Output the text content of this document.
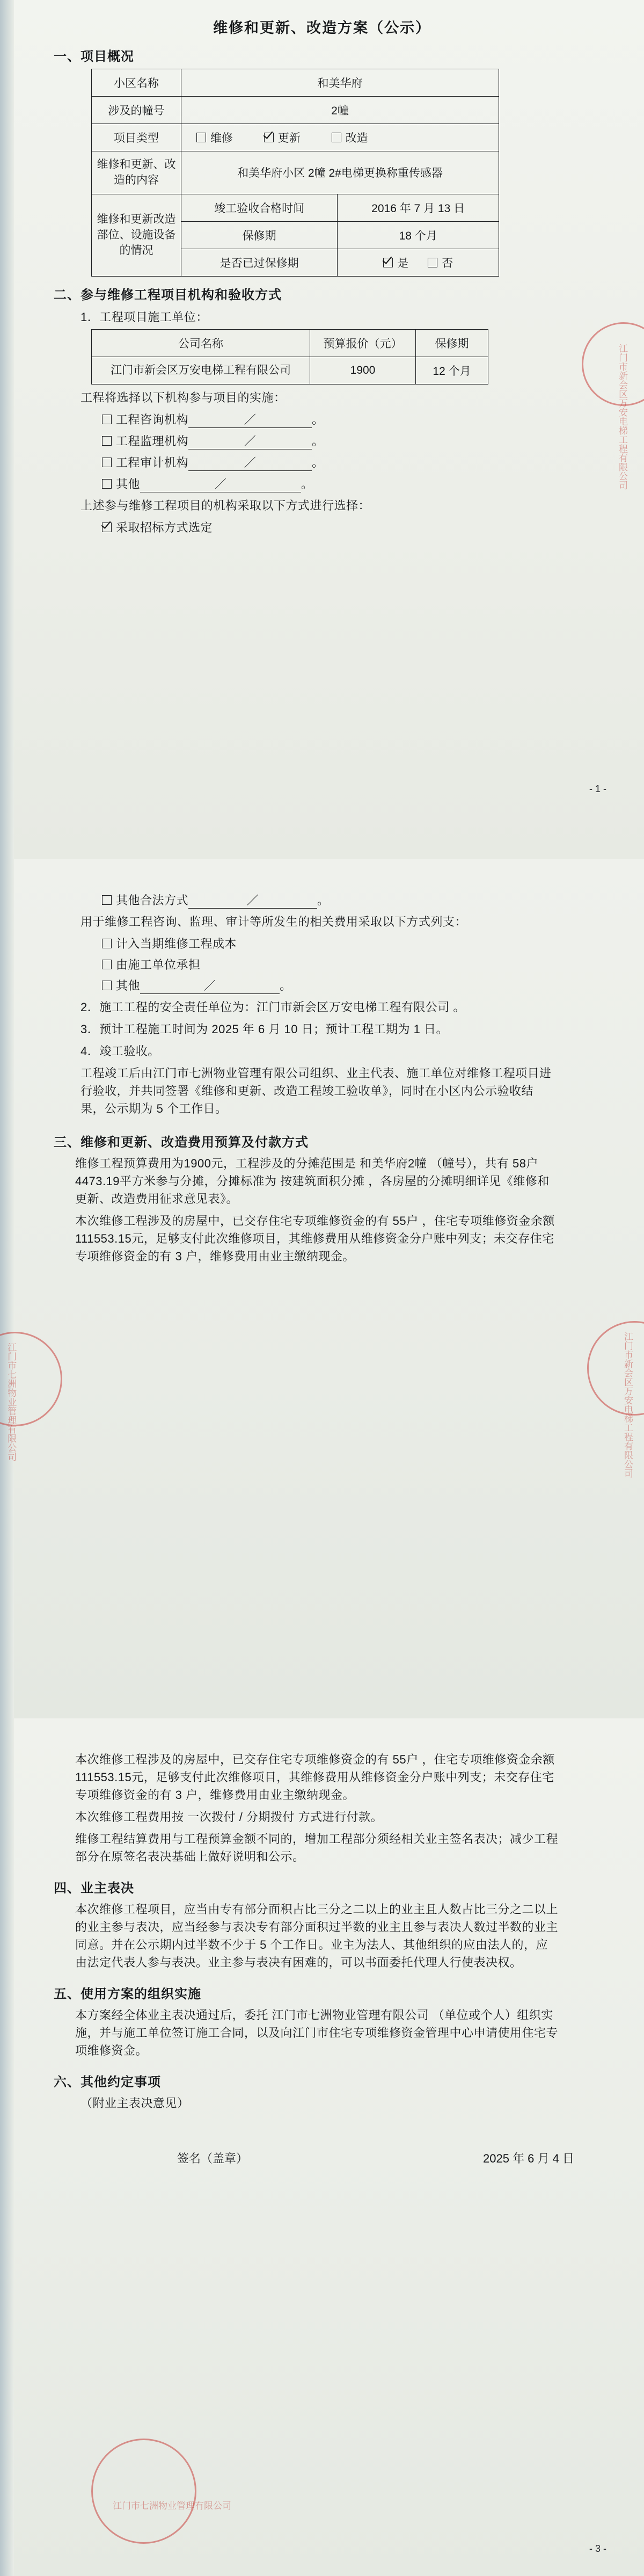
维修和更新、改造方案（公示）
一、项目概况
小区名称	和美华府	
涉及的幢号	2幢	
项目类型	维修 更新 改造	
维修和更新、改造的内容	和美华府小区 2幢 2#电梯更换称重传感器	
维修和更新改造部位、设施设备的情况	竣工验收合格时间	2016 年 7 月 13 日
	保修期	18 个月
	是否已过保修期	是 否
二、参与维修工程项目机构和验收方式
1．工程项目施工单位：
公司名称	预算报价（元）	保修期
江门市新会区万安电梯工程有限公司	1900	12 个月
工程将选择以下机构参与项目的实施：
工程咨询机构	／	。
工程监理机构	／	。
工程审计机构	／	。
其他	／	。
上述参与维修工程项目的机构采取以下方式进行选择：
采取招标方式选定
- 1 -
江门市新会区万安电梯工程有限公司
其他合法方式	／	。
用于维修工程咨询、监理、审计等所发生的相关费用采取以下方式列支：
计入当期维修工程成本
由施工单位承担
其他	／	。
2．施工工程的安全责任单位为：江门市新会区万安电梯工程有限公司 。
3．预计工程施工时间为 2025 年 6 月 10 日；预计工程工期为 1 日。
4．竣工验收。
工程竣工后由江门市七洲物业管理有限公司组织、业主代表、施工单位对维修工程项目进行验收，并共同签署《维修和更新、改造工程竣工验收单》，同时在小区内公示验收结果，公示期为 5 个工作日。
三、维修和更新、改造费用预算及付款方式
维修工程预算费用为1900元，工程涉及的分摊范围是 和美华府2幢 （幢号），共有 58户 4473.19平方米参与分摊，分摊标准为 按建筑面积分摊 ，各房屋的分摊明细详见《维修和更新、改造费用征求意见表》。
本次维修工程涉及的房屋中，已交存住宅专项维修资金的有 55户 ，住宅专项维修资金余额 111553.15元，足够支付此次维修项目，其维修费用从维修资金分户账中列支；未交存住宅专项维修资金的有 3 户，维修费用由业主缴纳现金。
江门市七洲物业管理有限公司	江门市新会区万安电梯工程有限公司
本次维修工程涉及的房屋中，已交存住宅专项维修资金的有 55户 ，住宅专项维修资金余额 111553.15元，足够支付此次维修项目，其维修费用从维修资金分户账中列支；未交存住宅专项维修资金的有 3 户，维修费用由业主缴纳现金。
本次维修工程费用按 一次拨付 / 分期拨付 方式进行付款。
维修工程结算费用与工程预算金额不同的，增加工程部分须经相关业主签名表决；减少工程部分在原签名表决基础上做好说明和公示。
四、业主表决
本次维修工程项目，应当由专有部分面积占比三分之二以上的业主且人数占比三分之二以上的业主参与表决，应当经参与表决专有部分面积过半数的业主且参与表决人数过半数的业主同意。并在公示期内过半数不少于 5 个工作日。业主为法人、其他组织的应由法人的，应由法定代表人参与表决。业主参与表决有困难的，可以书面委托代理人行使表决权。
五、使用方案的组织实施
本方案经全体业主表决通过后，委托 江门市七洲物业管理有限公司 （单位或个人）组织实施，并与施工单位签订施工合同，以及向江门市住宅专项维修资金管理中心申请使用住宅专项维修资金。
六、其他约定事项
（附业主表决意见）
签名（盖章）	2025 年 6 月 4 日
- 3 -
江门市七洲物业管理有限公司
